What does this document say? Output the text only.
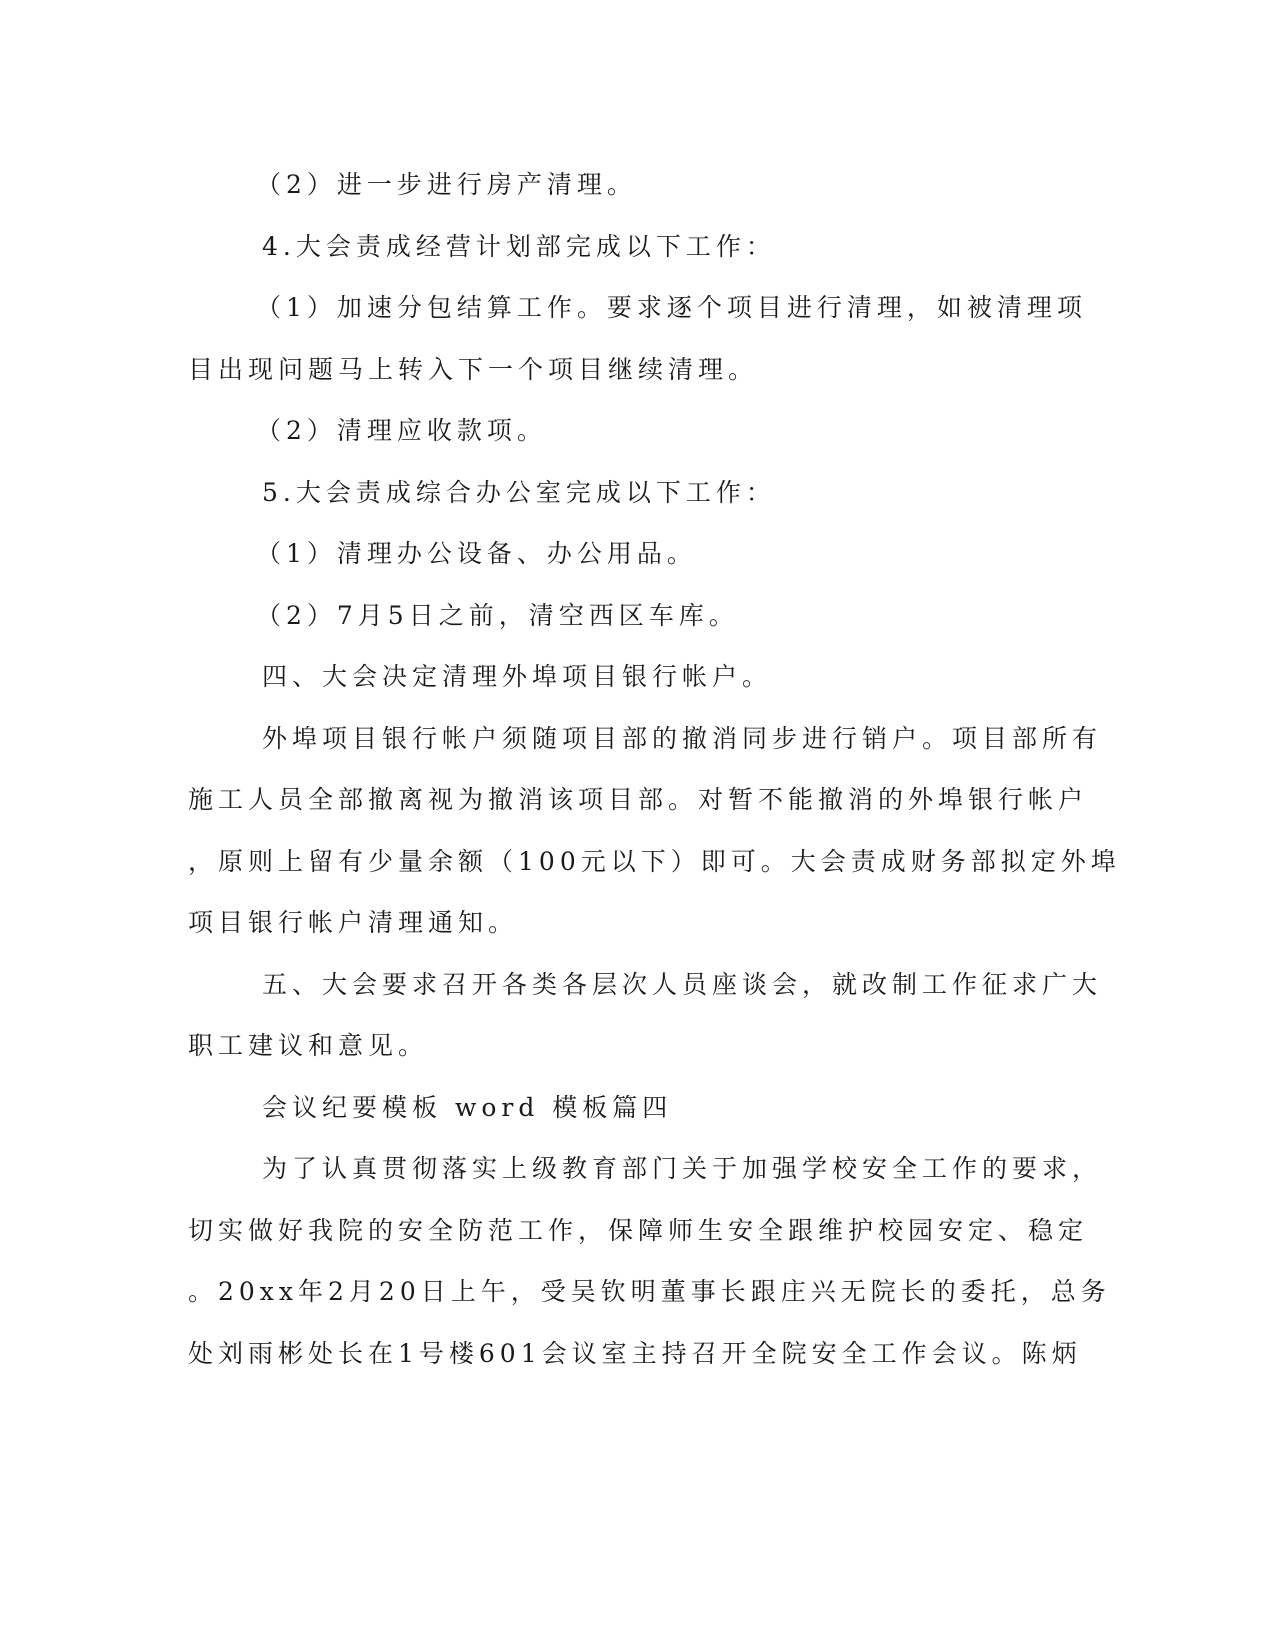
（2）进一步进行房产清理。
4.大会责成经营计划部完成以下工作：
（1）加速分包结算工作。要求逐个项目进行清理，如被清理项
目出现问题马上转入下一个项目继续清理。
（2）清理应收款项。
5.大会责成综合办公室完成以下工作：
（1）清理办公设备、办公用品。
（2）7月5日之前，清空西区车库。
四、大会决定清理外埠项目银行帐户。
外埠项目银行帐户须随项目部的撤消同步进行销户。项目部所有
施工人员全部撤离视为撤消该项目部。对暂不能撤消的外埠银行帐户
，原则上留有少量余额（100元以下）即可。大会责成财务部拟定外埠
项目银行帐户清理通知。
五、大会要求召开各类各层次人员座谈会，就改制工作征求广大
职工建议和意见。
会议纪要模板 word 模板篇四
为了认真贯彻落实上级教育部门关于加强学校安全工作的要求，
切实做好我院的安全防范工作，保障师生安全跟维护校园安定、稳定
。20xx年2月20日上午，受吴钦明董事长跟庄兴无院长的委托，总务
处刘雨彬处长在1号楼601会议室主持召开全院安全工作会议。陈炳
